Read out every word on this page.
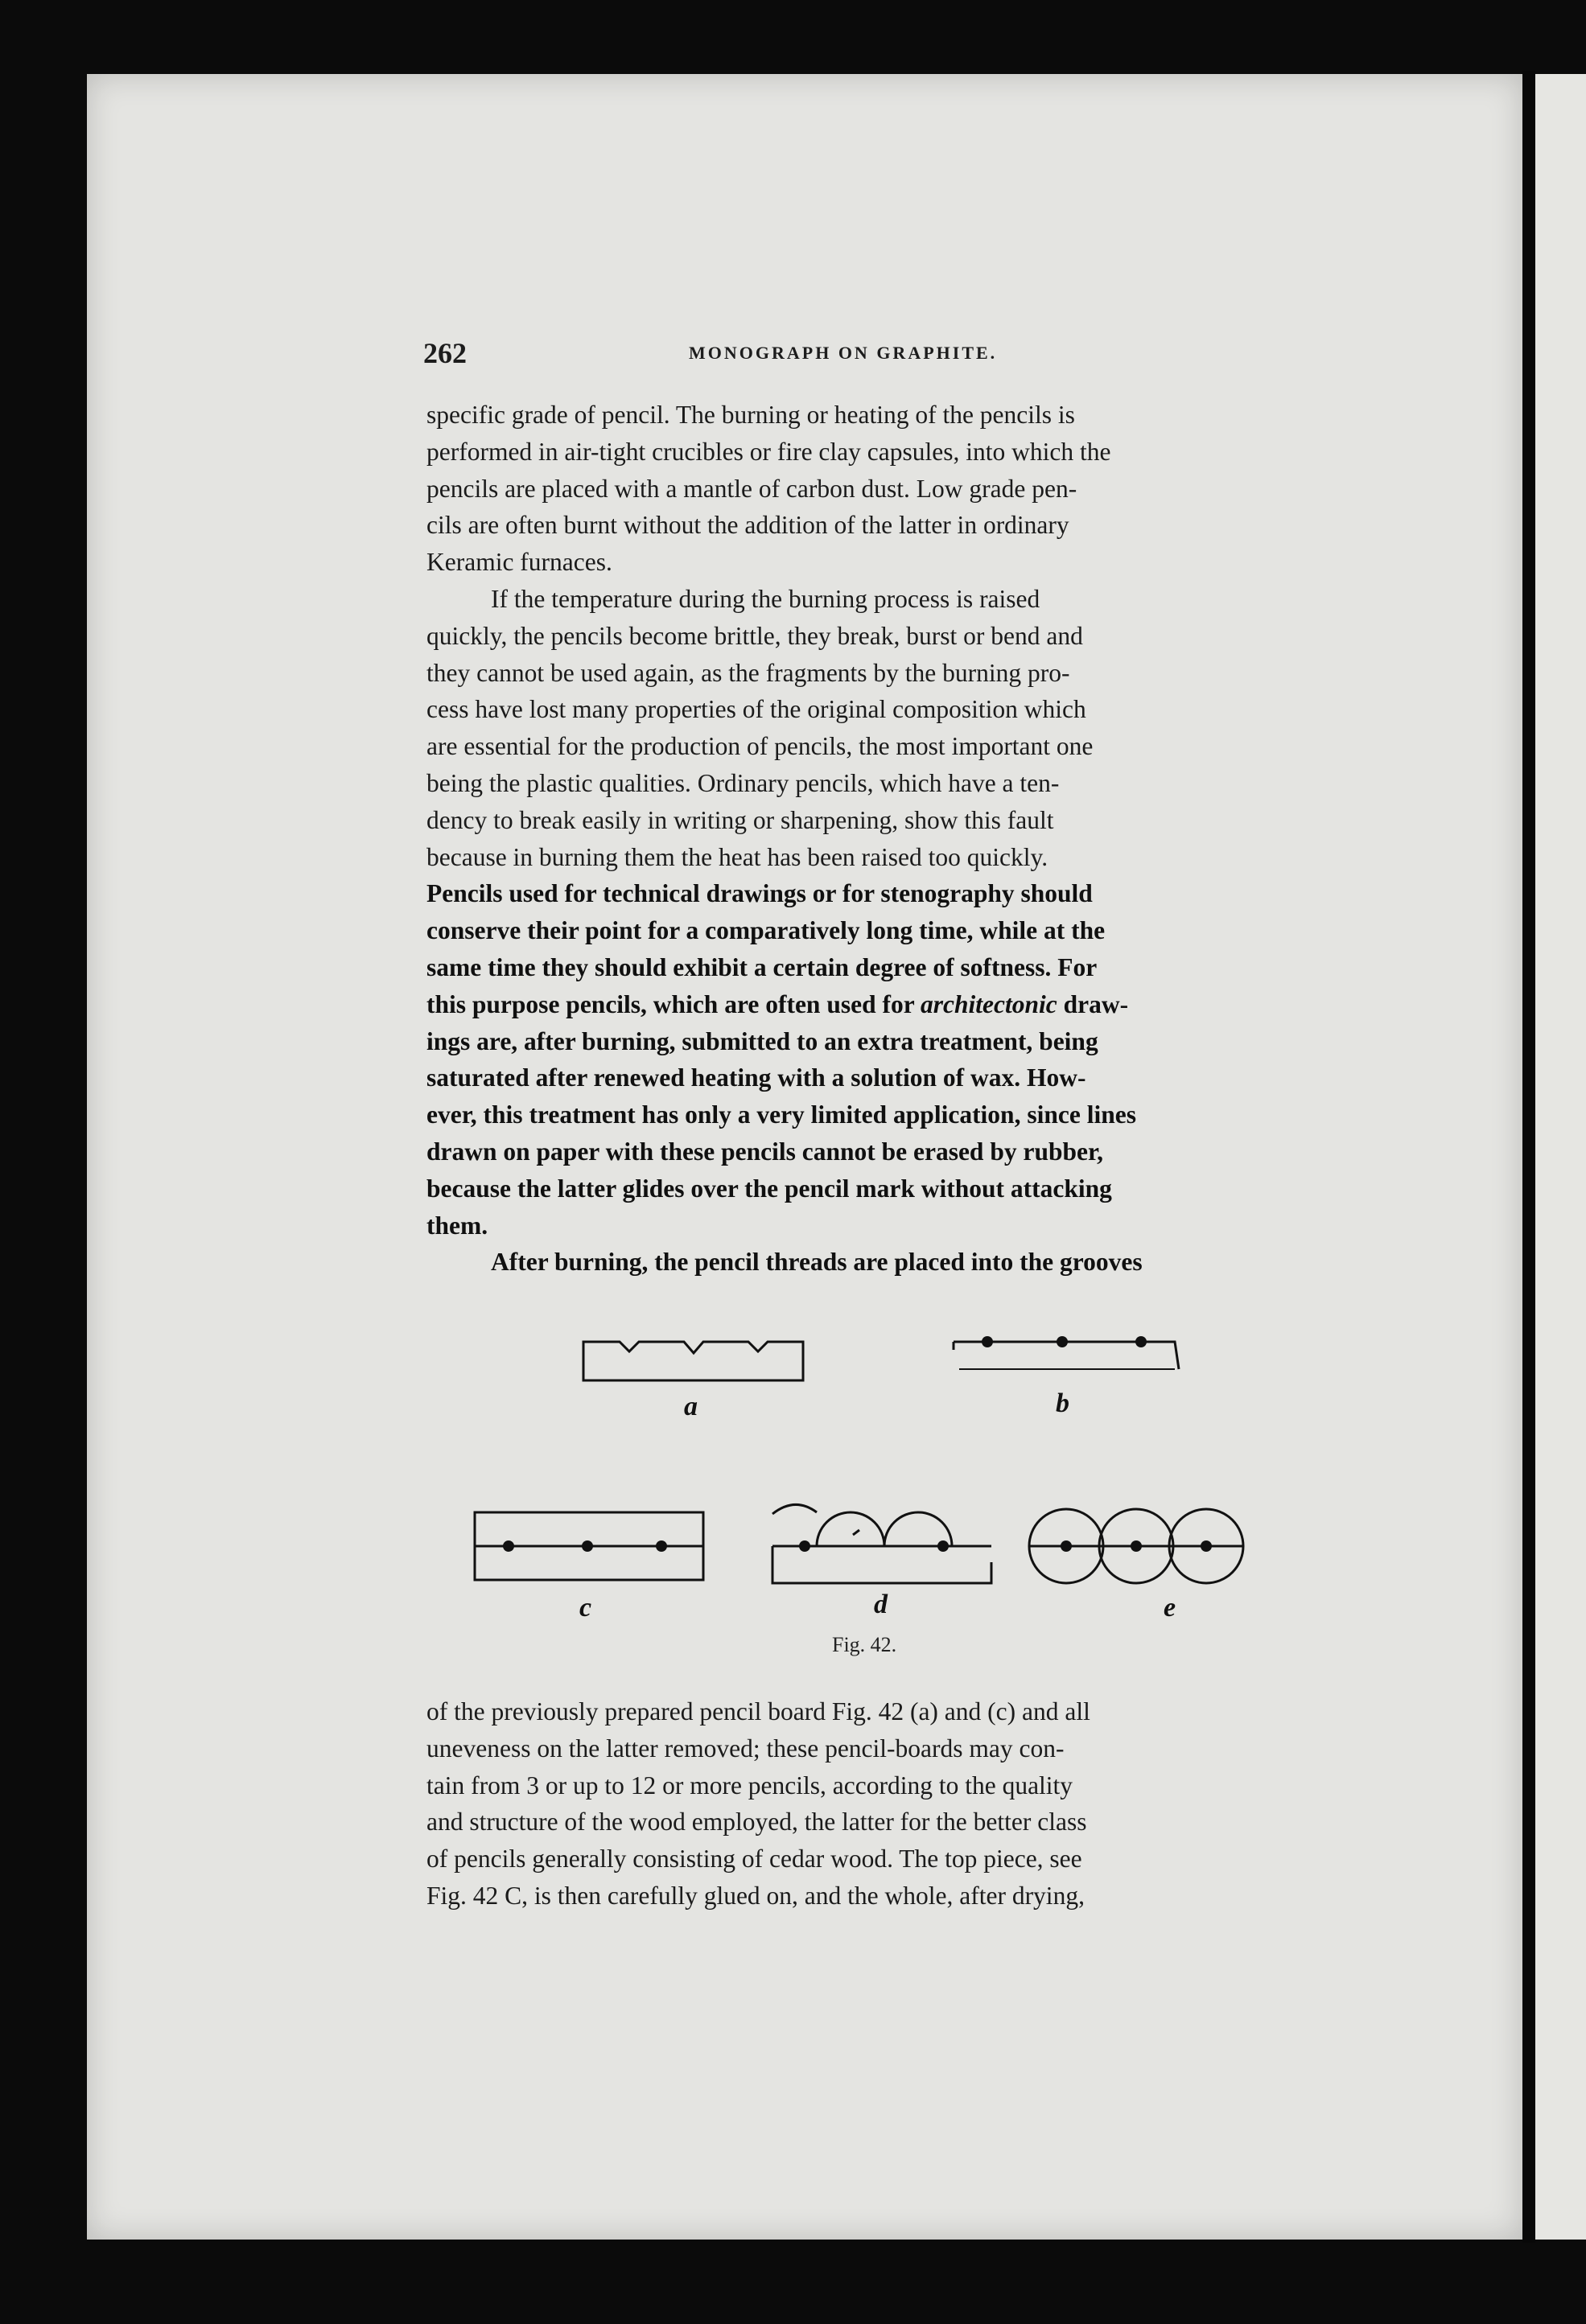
262	MONOGRAPH ON GRAPHITE.
specific grade of pencil. The burning or heating of the pencils is
performed in air-tight crucibles or fire clay capsules, into which the
pencils are placed with a mantle of carbon dust. Low grade pen-
cils are often burnt without the addition of the latter in ordinary
Keramic furnaces.
If the temperature during the burning process is raised
quickly, the pencils become brittle, they break, burst or bend and
they cannot be used again, as the fragments by the burning pro-
cess have lost many properties of the original composition which
are essential for the production of pencils, the most important one
being the plastic qualities. Ordinary pencils, which have a ten-
dency to break easily in writing or sharpening, show this fault
because in burning them the heat has been raised too quickly.
Pencils used for technical drawings or for stenography should
conserve their point for a comparatively long time, while at the
same time they should exhibit a certain degree of softness. For
this purpose pencils, which are often used for architectonic draw-
ings are, after burning, submitted to an extra treatment, being
saturated after renewed heating with a solution of wax. How-
ever, this treatment has only a very limited application, since lines
drawn on paper with these pencils cannot be erased by rubber,
because the latter glides over the pencil mark without attacking
them.
After burning, the pencil threads are placed into the grooves
a	b
c	d	e
Fig. 42.
of the previously prepared pencil board Fig. 42 (a) and (c) and all
uneveness on the latter removed; these pencil-boards may con-
tain from 3 or up to 12 or more pencils, according to the quality
and structure of the wood employed, the latter for the better class
of pencils generally consisting of cedar wood. The top piece, see
Fig. 42 C, is then carefully glued on, and the whole, after drying,
